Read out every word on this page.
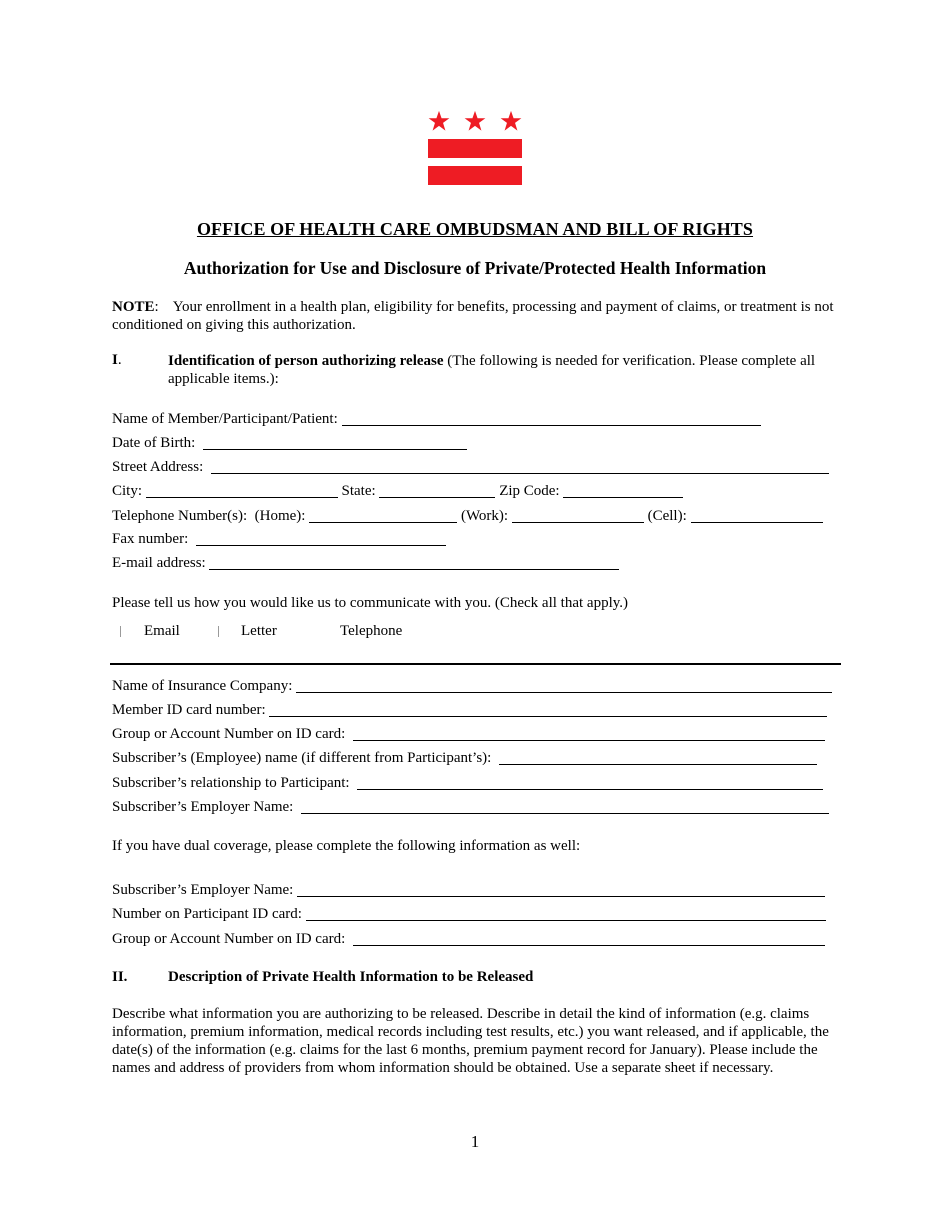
OFFICE OF HEALTH CARE OMBUDSMAN AND BILL OF RIGHTS
Authorization for Use and Disclosure of Private/Protected Health Information
NOTE: Your enrollment in a health plan, eligibility for benefits, processing and payment of claims, or treatment is not conditioned on giving this authorization.
I.	Identification of person authorizing release (The following is needed for verification. Please complete all applicable items.):
Name of Member/Participant/Patient:
Date of Birth:
Street Address:
City:	State:	Zip Code:
Telephone Number(s):  (Home):	(Work):	(Cell):
Fax number:
E-mail address:
Please tell us how you would like us to communicate with you. (Check all that apply.)
Email	Letter	Telephone
Name of Insurance Company:
Member ID card number:
Group or Account Number on ID card:
Subscriber’s (Employee) name (if different from Participant’s):
Subscriber’s relationship to Participant:
Subscriber’s Employer Name:
If you have dual coverage, please complete the following information as well:
Subscriber’s Employer Name:
Number on Participant ID card:
Group or Account Number on ID card:
II.	Description of Private Health Information to be Released
Describe what information you are authorizing to be released. Describe in detail the kind of information (e.g. claims information, premium information, medical records including test results, etc.) you want released, and if applicable, the date(s) of the information (e.g. claims for the last 6 months, premium payment record for January). Please include the names and address of providers from whom information should be obtained. Use a separate sheet if necessary.
1
